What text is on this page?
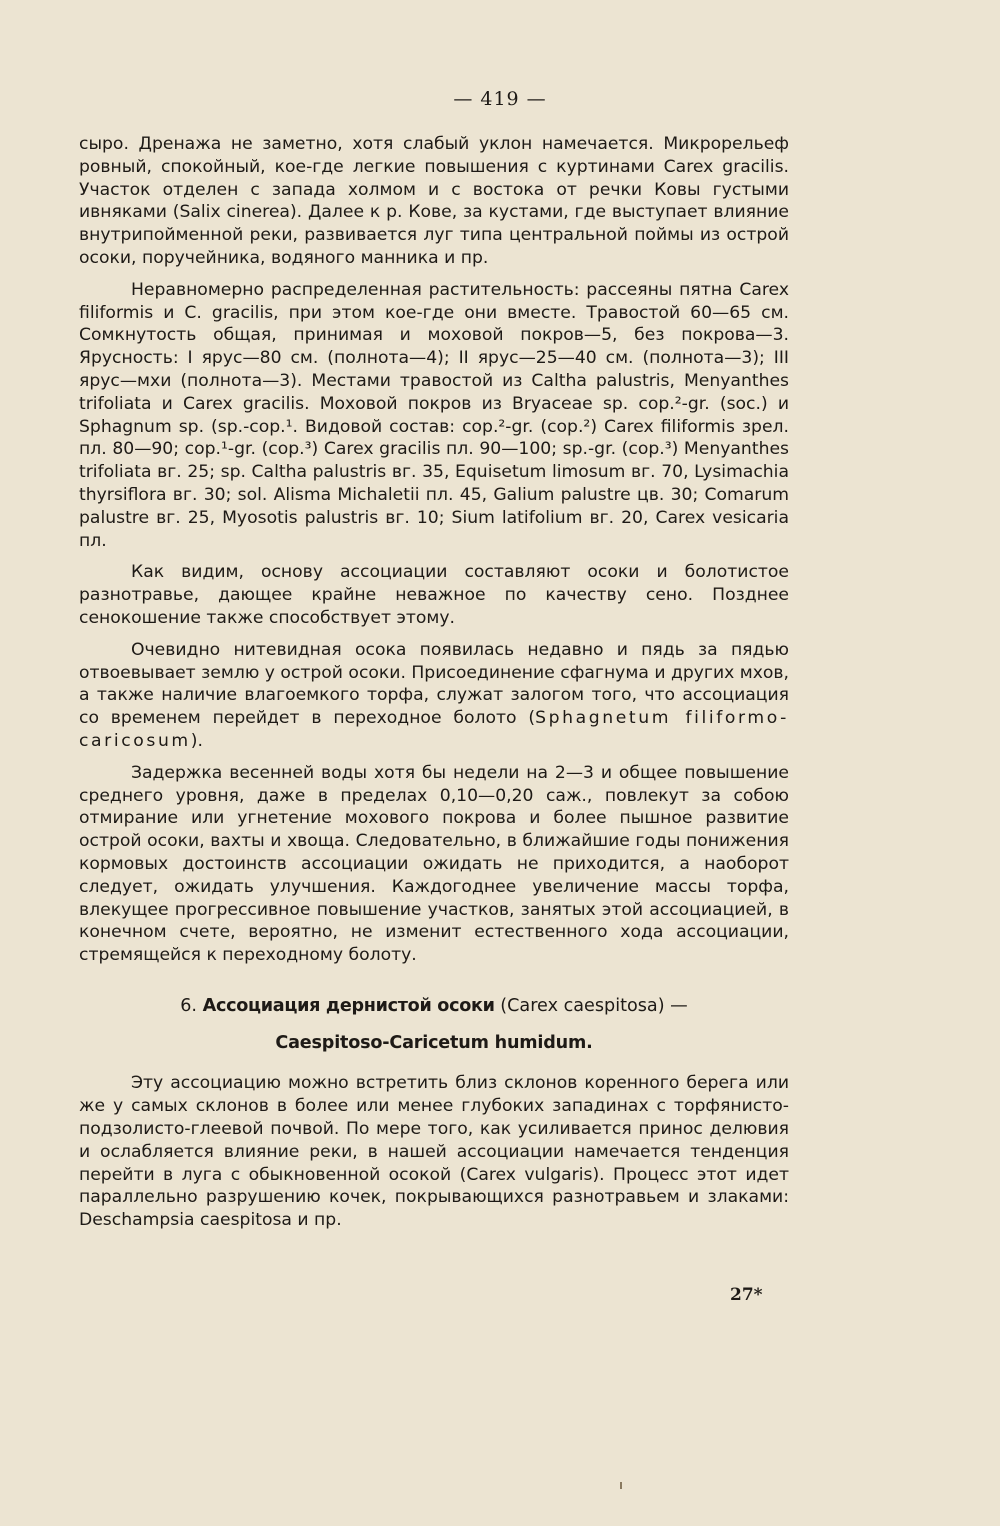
— 419 —

сыро. Дренажа не заметно, хотя слабый уклон намечается. Микрорельеф ровный, спокойный, кое-где легкие повышения с куртинами Carex gracilis. Участок отделен с запада холмом и с востока от речки Ковы густыми ивняками (Salix cinerea). Далее к р. Кове, за кустами, где выступает влияние внутрипойменной реки, развивается луг типа центральной поймы из острой осоки, поручейника, водяного манника и пр.

Неравномерно распределенная растительность: рассеяны пятна Carex filiformis и C. gracilis, при этом кое-где они вместе. Травостой 60—65 см. Сомкнутость общая, принимая и моховой покров—5, без покрова—3. Ярусность: I ярус—80 см. (полнота—4); II ярус—25—40 см. (полнота—3); III ярус—мхи (полнота—3). Местами травостой из Caltha palustris, Menyanthes trifoliata и Carex gracilis. Моховой покров из Bryaceae sp. cop.²-gr. (soc.) и Sphagnum sp. (sp.-cop.¹. Видовой состав: cop.²-gr. (cop.²) Carex filiformis зрел. пл. 80—90; cop.¹-gr. (cop.³) Carex gracilis пл. 90—100; sp.-gr. (cop.³) Menyanthes trifoliata вг. 25; sp. Caltha palustris вг. 35, Equisetum limosum вг. 70, Lysimachia thyrsiflora вг. 30; sol. Alisma Michaletii пл. 45, Galium palustre цв. 30; Comarum palustre вг. 25, Myosotis palustris вг. 10; Sium latifolium вг. 20, Carex vesicaria пл.

Как видим, основу ассоциации составляют осоки и болотистое разнотравье, дающее крайне неважное по качеству сено. Позднее сенокошение также способствует этому.

Очевидно нитевидная осока появилась недавно и пядь за пядью отвоевывает землю у острой осоки. Присоединение сфагнума и других мхов, а также наличие влагоемкого торфа, служат залогом того, что ассоциация со временем перейдет в переходное болото (Sphagnetum filiformo-caricosum).

Задержка весенней воды хотя бы недели на 2—3 и общее повышение среднего уровня, даже в пределах 0,10—0,20 саж., повлекут за собою отмирание или угнетение мохового покрова и более пышное развитие острой осоки, вахты и хвоща. Следовательно, в ближайшие годы понижения кормовых достоинств ассоциации ожидать не приходится, а наоборот следует, ожидать улучшения. Каждогоднее увеличение массы торфа, влекущее прогрессивное повышение участков, занятых этой ассоциацией, в конечном счете, вероятно, не изменит естественного хода ассоциации, стремящейся к переходному болоту.

6. Ассоциация дернистой осоки (Carex caespitosa) —
Caespitoso-Caricetum humidum.

Эту ассоциацию можно встретить близ склонов коренного берега или же у самых склонов в более или менее глубоких западинах с торфянисто-подзолисто-глеевой почвой. По мере того, как усиливается принос делювия и ослабляется влияние реки, в нашей ассоциации намечается тенденция перейти в луга с обыкновенной осокой (Carex vulgaris). Процесс этот идет параллельно разрушению кочек, покрывающихся разнотравьем и злаками: Deschampsia caespitosa и пр.

27*
